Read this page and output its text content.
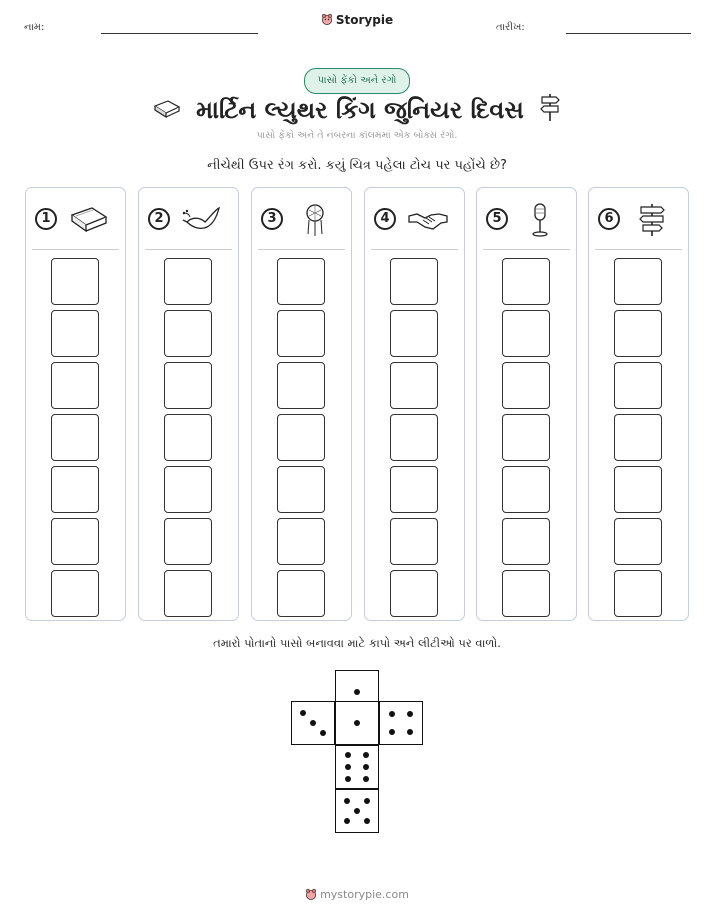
નામ:
Storypie
તારીખ:
પાસો ફેંકો અને રંગો
માર્ટિન લ્યુથર કિંગ જુનિયર દિવસ
પાસો ફેંકો અને તે નંબરના કૉલમમાં એક બોક્સ રંગો.
નીચેથી ઉપર રંગ કરો. કયું ચિત્ર પહેલા ટોચ પર પહોંચે છે?
1	2	3	4	5	6
તમારો પોતાનો પાસો બનાવવા માટે કાપો અને લીટીઓ પર વાળો.
mystorypie.com
